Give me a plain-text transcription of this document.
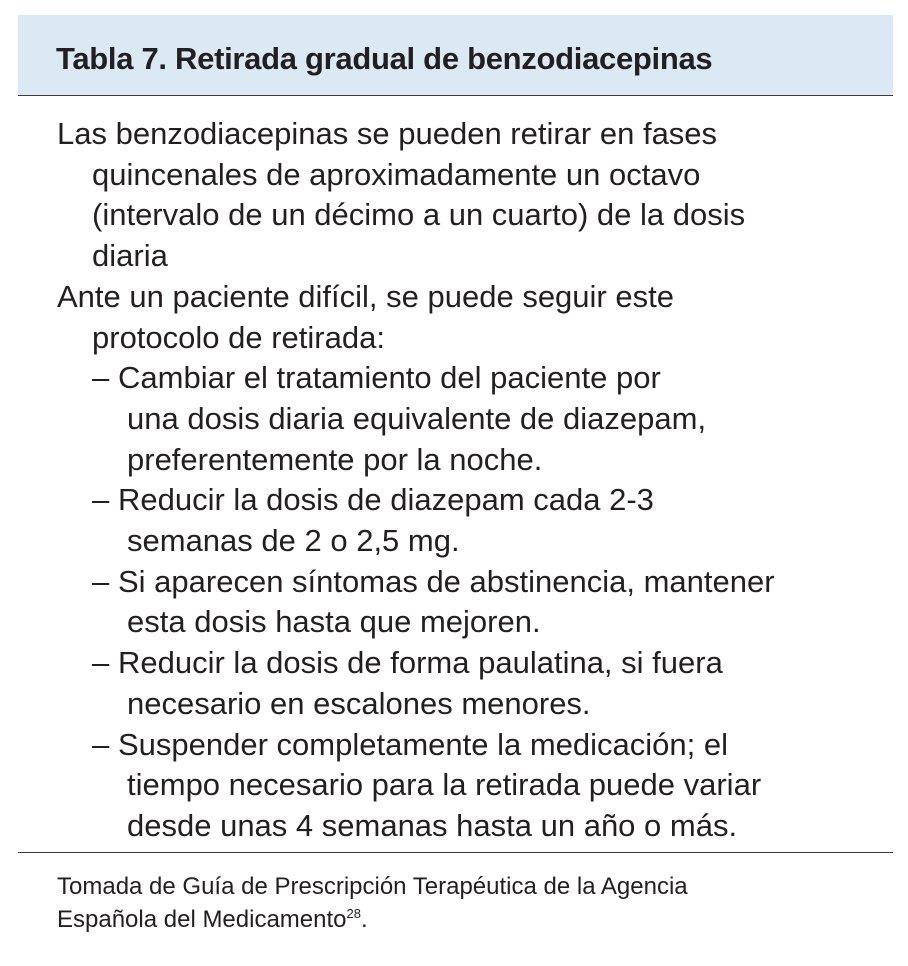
Tabla 7. Retirada gradual de benzodiacepinas

Las benzodiacepinas se pueden retirar en fases
quincenales de aproximadamente un octavo
(intervalo de un décimo a un cuarto) de la dosis
diaria

Ante un paciente difícil, se puede seguir este
protocolo de retirada:

– Cambiar el tratamiento del paciente por
una dosis diaria equivalente de diazepam,
preferentemente por la noche.
– Reducir la dosis de diazepam cada 2-3
semanas de 2 o 2,5 mg.
– Si aparecen síntomas de abstinencia, mantener
esta dosis hasta que mejoren.
– Reducir la dosis de forma paulatina, si fuera
necesario en escalones menores.
– Suspender completamente la medicación; el
tiempo necesario para la retirada puede variar
desde unas 4 semanas hasta un año o más.

Tomada de Guía de Prescripción Terapéutica de la Agencia
Española del Medicamento$^{28}$.
